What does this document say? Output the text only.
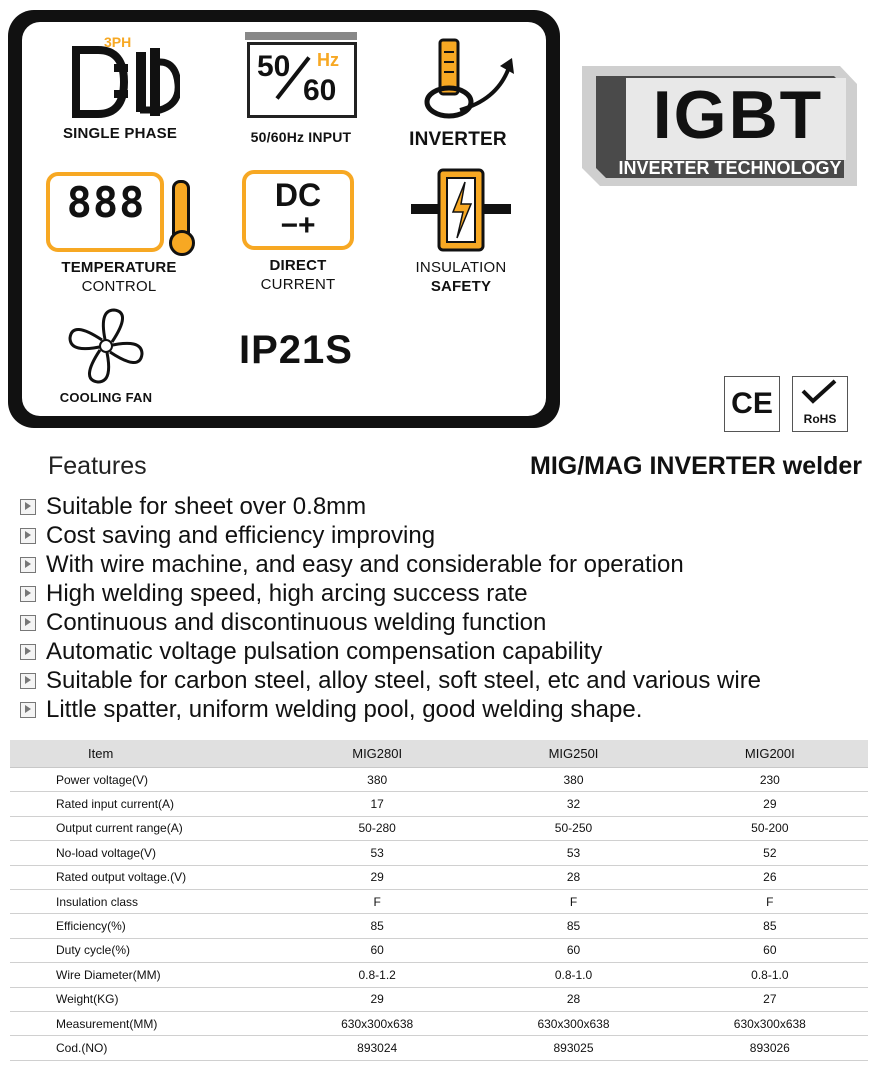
3PH
SINGLE PHASE
50 Hz
60
50/60Hz INPUT	INVERTER
888
TEMPERATURE
CONTROL
DC
−+
DIRECT
CURRENT
INSULATION
SAFETY
COOLING FAN
IP21S
IGBT
INVERTER TECHNOLOGY
CE	RoHS
Features	MIG/MAG INVERTER welder
Suitable for sheet over 0.8mm
Cost saving and efficiency improving
With wire machine, and easy and considerable for operation
High welding speed, high arcing success rate
Continuous and discontinuous welding function
Automatic voltage pulsation compensation capability
Suitable for carbon steel, alloy steel, soft steel, etc and various wire
Little spatter, uniform welding pool, good welding shape.
Item	MIG280I	MIG250I	MIG200I
Power voltage(V)	380	380	230
Rated input current(A)	17	32	29
Output current range(A)	50-280	50-250	50-200
No-load voltage(V)	53	53	52
Rated output voltage.(V)	29	28	26
Insulation class	F	F	F
Efficiency(%)	85	85	85
Duty cycle(%)	60	60	60
Wire Diameter(MM)	0.8-1.2	0.8-1.0	0.8-1.0
Weight(KG)	29	28	27
Measurement(MM)	630x300x638	630x300x638	630x300x638
Cod.(NO)	893024	893025	893026
